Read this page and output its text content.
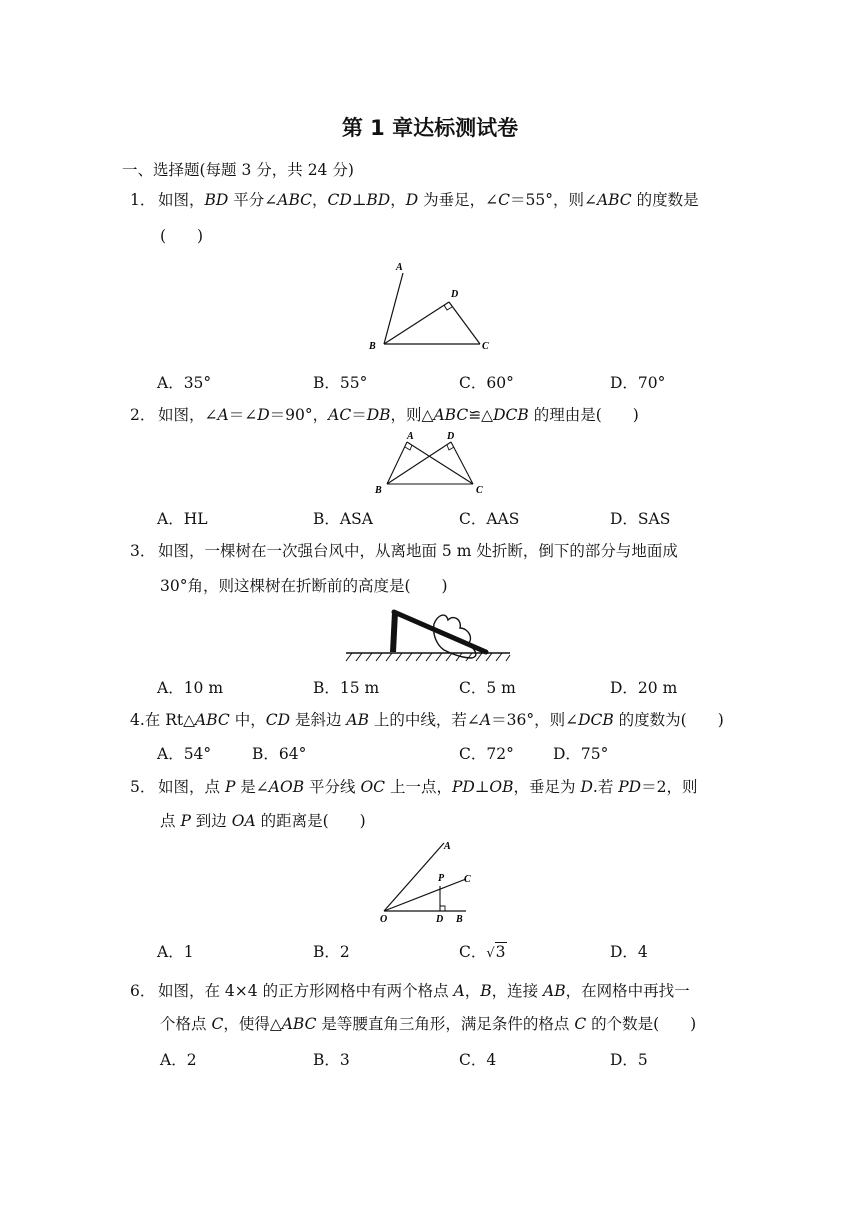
第 1 章达标测试卷
一、选择题(每题 3 分，共 24 分)
1． 如图，BD 平分∠ABC，CD⊥BD，D 为垂足，∠C＝55°，则∠ABC 的度数是
(　　)
A
D
B	C
A．35°	B．55°	C．60°	D．70°
2． 如图，∠A＝∠D＝90°，AC＝DB，则△ABC≌△DCB 的理由是(　　)
A	D
B	C
A．HL	B．ASA	C．AAS	D．SAS
3． 如图，一棵树在一次强台风中，从离地面 5 m 处折断，倒下的部分与地面成
30°角，则这棵树在折断前的高度是(　　)
A．10 m	B．15 m	C．5 m	D．20 m
4.在 Rt△ABC 中，CD 是斜边 AB 上的中线，若∠A＝36°，则∠DCB 的度数为(　　)
A．54°	B．64°	C．72°	D．75°
5． 如图，点 P 是∠AOB 平分线 OC 上一点，PD⊥OB，垂足为 D.若 PD＝2，则
点 P 到边 OA 的距离是(　　)
A
C
P
O	D B
A．1	B．2	C．√3	D．4
6． 如图，在 4×4 的正方形网格中有两个格点 A，B，连接 AB，在网格中再找一
个格点 C，使得△ABC 是等腰直角三角形，满足条件的格点 C 的个数是(　　)
A．2	B．3	C．4	D．5
